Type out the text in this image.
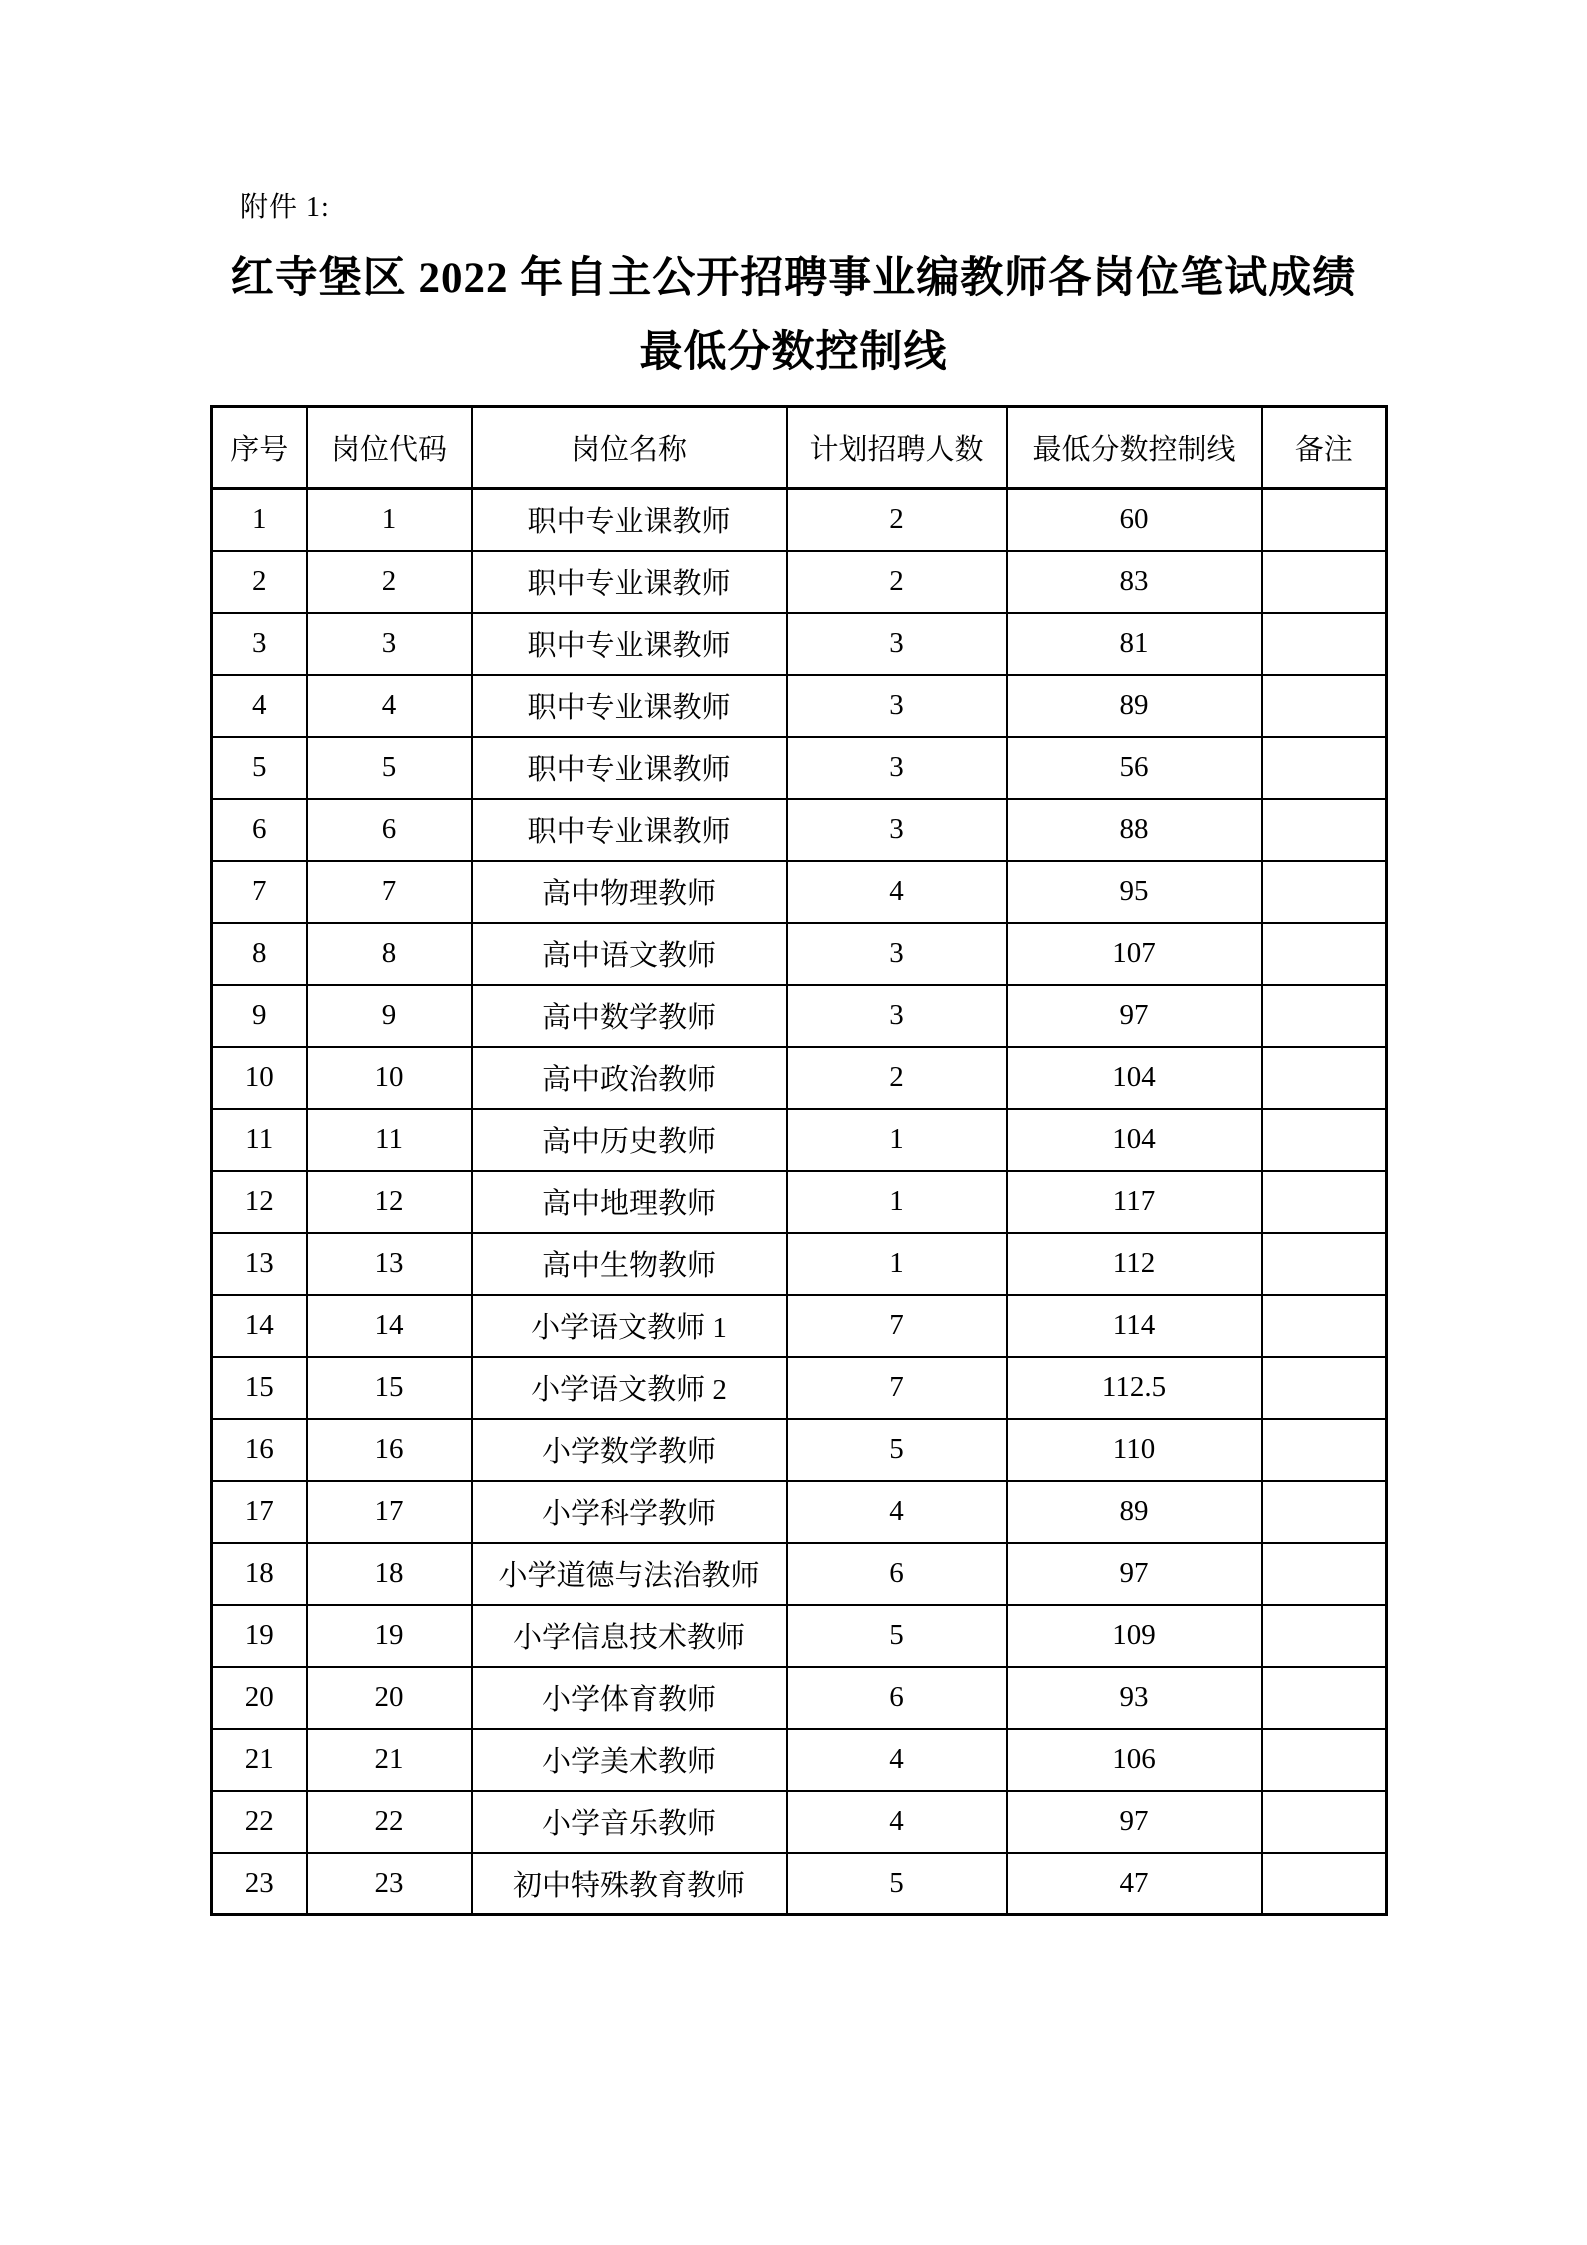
附件 1:
红寺堡区 2022 年自主公开招聘事业编教师各岗位笔试成绩
最低分数控制线
序号	岗位代码	岗位名称	计划招聘人数	最低分数控制线	备注
1	1	职中专业课教师	2	60	
2	2	职中专业课教师	2	83	
3	3	职中专业课教师	3	81	
4	4	职中专业课教师	3	89	
5	5	职中专业课教师	3	56	
6	6	职中专业课教师	3	88	
7	7	高中物理教师	4	95	
8	8	高中语文教师	3	107	
9	9	高中数学教师	3	97	
10	10	高中政治教师	2	104	
11	11	高中历史教师	1	104	
12	12	高中地理教师	1	117	
13	13	高中生物教师	1	112	
14	14	小学语文教师 1	7	114	
15	15	小学语文教师 2	7	112.5	
16	16	小学数学教师	5	110	
17	17	小学科学教师	4	89	
18	18	小学道德与法治教师	6	97	
19	19	小学信息技术教师	5	109	
20	20	小学体育教师	6	93	
21	21	小学美术教师	4	106	
22	22	小学音乐教师	4	97	
23	23	初中特殊教育教师	5	47	
